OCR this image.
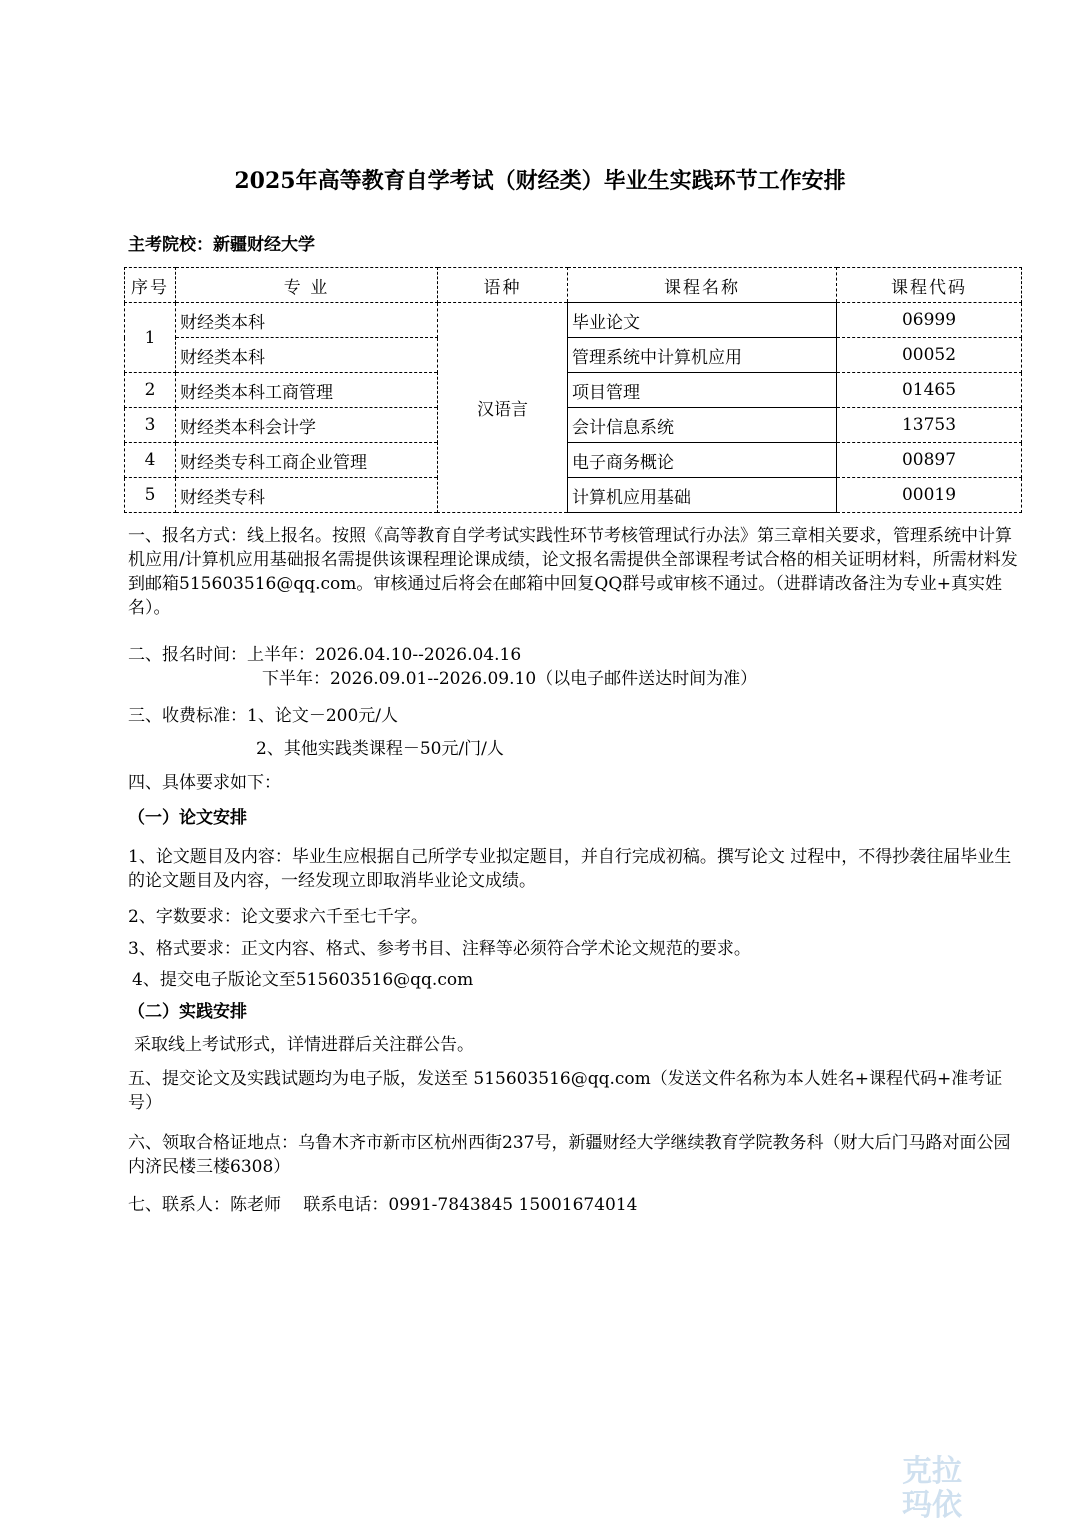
2025年高等教育自学考试（财经类）毕业生实践环节工作安排
主考院校：新疆财经大学
序号	专 业	语种	课程名称	课程代码
1	财经类本科	汉语言	毕业论文	06999
	财经类本科		管理系统中计算机应用	00052
2	财经类本科工商管理		项目管理	01465
3	财经类本科会计学		会计信息系统	13753
4	财经类专科工商企业管理		电子商务概论	00897
5	财经类专科		计算机应用基础	00019

一、报名方式：线上报名。按照《高等教育自学考试实践性环节考核管理试行办法》第三章相关要求，管理系统中计算机应用/计算机应用基础报名需提供该课程理论课成绩，论文报名需提供全部课程考试合格的相关证明材料，所需材料发到邮箱515603516@qq.com。审核通过后将会在邮箱中回复QQ群号或审核不通过。（进群请改备注为专业+真实姓名）。

二、报名时间：上半年：2026.04.10--2026.04.16

下半年：2026.09.01--2026.09.10（以电子邮件送达时间为准）

三、收费标准：1、论文－200元/人

2、其他实践类课程－50元/门/人

四、具体要求如下：

（一）论文安排

1、论文题目及内容：毕业生应根据自己所学专业拟定题目，并自行完成初稿。撰写论文 过程中，不得抄袭往届毕业生的论文题目及内容，一经发现立即取消毕业论文成绩。

2、字数要求：论文要求六千至七千字。

3、格式要求：正文内容、格式、参考书目、注释等必须符合学术论文规范的要求。

4、提交电子版论文至515603516@qq.com

（二）实践安排

采取线上考试形式，详情进群后关注群公告。

五、提交论文及实践试题均为电子版，发送至 515603516@qq.com（发送文件名称为本人姓名+课程代码+准考证号）

六、领取合格证地点：乌鲁木齐市新市区杭州西街237号，新疆财经大学继续教育学院教务科（财大后门马路对面公园内济民楼三楼6308）

七、联系人：陈老师　 联系电话：0991-7843845 15001674014

克拉玛依
